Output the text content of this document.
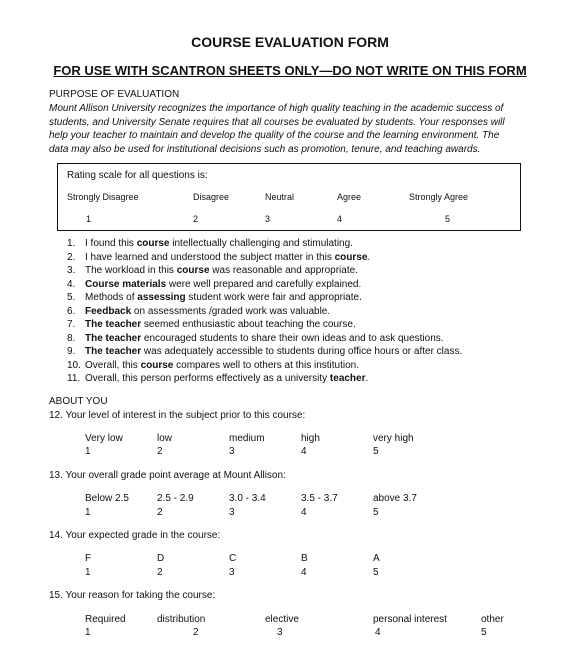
COURSE EVALUATION FORM
FOR USE WITH SCANTRON SHEETS ONLY—DO NOT WRITE ON THIS FORM
PURPOSE OF EVALUATION
Mount Allison University recognizes the importance of high quality teaching in the academic success of
students, and University Senate requires that all courses be evaluated by students. Your responses will
help your teacher to maintain and develop the quality of the course and the learning environment. The
data may also be used for institutional decisions such as promotion, tenure, and teaching awards.
Rating scale for all questions is:
Strongly Disagree	Disagree	Neutral	Agree	Strongly Agree
1	2	3	4	5
1. I found this course intellectually challenging and stimulating.
2. I have learned and understood the subject matter in this course.
3. The workload in this course was reasonable and appropriate.
4. Course materials were well prepared and carefully explained.
5. Methods of assessing student work were fair and appropriate.
6. Feedback on assessments /graded work was valuable.
7. The teacher seemed enthusiastic about teaching the course.
8. The teacher encouraged students to share their own ideas and to ask questions.
9. The teacher was adequately accessible to students during office hours or after class.
10. Overall, this course compares well to others at this institution.
11. Overall, this person performs effectively as a university teacher.
ABOUT YOU
12. Your level of interest in the subject prior to this course:
Very low	low	medium	high	very high
1	2	3	4	5
13. Your overall grade point average at Mount Allison:
Below 2.5	2.5 - 2.9	3.0 - 3.4	3.5 - 3.7	above 3.7
1	2	3	4	5
14. Your expected grade in the course:
F	D	C	B	A
1	2	3	4	5
15. Your reason for taking the course:
Required	distribution	elective	personal interest	other
1	2	3	4	5
